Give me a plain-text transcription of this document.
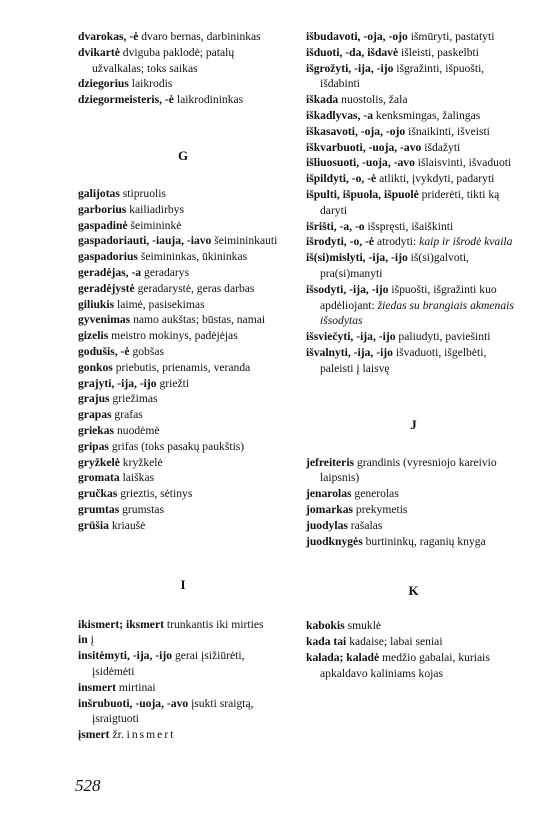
dvarokas, -ė dvaro bernas, darbininkas
dvikartė dviguba paklodė; patalų užvalkalas; toks saikas
dziegorius laikrodis
dziegormeisteris, -ė laikrodininkas
G
galijotas stipruolis
garborius kailiadirbys
gaspadinė šeimininkė
gaspadoriauti, -iauja, -iavo šeimininkauti
gaspadorius šeimininkas, ūkininkas
geradėjas, -a geradarys
geradėjystė geradarystė, geras darbas
giliukis laimė, pasisekimas
gyvenimas namo aukštas; būstas, namai
gizelis meistro mokinys, padėjėjas
godušis, -ė gobšas
gonkos priebutis, prienamis, veranda
grajyti, -ija, -ijo griežti
grajus griežimas
grapas grafas
griekas nuodėmė
gripas grifas (toks pasakų paukštis)
gryžkelė kryžkelė
gromata laiškas
gručkas grieztis, sėtinys
grumtas grumstas
grūšia kriaušė
I
ikismert; iksmert trunkantis iki mirties
in į
insitėmyti, -ija, -ijo gerai įsižiūrėti, įsidėmėti
insmert mirtinai
inšrubuoti, -uoja, -avo įsukti sraigtą, įsraigtuoti
įsmert žr. insmert
išbudavoti, -oja, -ojo išmūryti, pastatyti
išduoti, -da, išdavė išleisti, paskelbti
išgrožyti, -ija, -ijo išgražinti, išpuošti, išdabinti
iškada nuostolis, žala
iškadlyvas, -a kenksmingas, žalingas
iškasavoti, -oja, -ojo išnaikinti, išveisti
iškvarbuoti, -uoja, -avo išdažyti
išliuosuoti, -uoja, -avo išlaisvinti, išvaduoti
išpildyti, -o, -ė atlikti, įvykdyti, padaryti
išpulti, išpuola, išpuolė priderėti, tikti ką daryti
išrišti, -a, -o išspręsti, išaiškinti
išrodyti, -o, -ė atrodyti: kaip ir išrodė kvaila
iš(si)mislyti, -ija, -ijo iš(si)galvoti, pra(si)manyti
išsodyti, -ija, -ijo išpuošti, išgražinti kuo apdėliojant: žiedas su brangiais akmenais išsodytas
išsviečyti, -ija, -ijo paliudyti, paviešinti
išvalnyti, -ija, -ijo išvaduoti, išgelbėti, paleisti į laisvę
J
jefreiteris grandinis (vyresniojo kareivio laipsnis)
jenarolas generolas
jomarkas prekymetis
juodylas rašalas
juodknygės burtininkų, raganių knyga
K
kabokis smuklė
kada tai kadaise; labai seniai
kalada; kaladė medžio gabalai, kuriais apkaldavo kaliniams kojas
528
